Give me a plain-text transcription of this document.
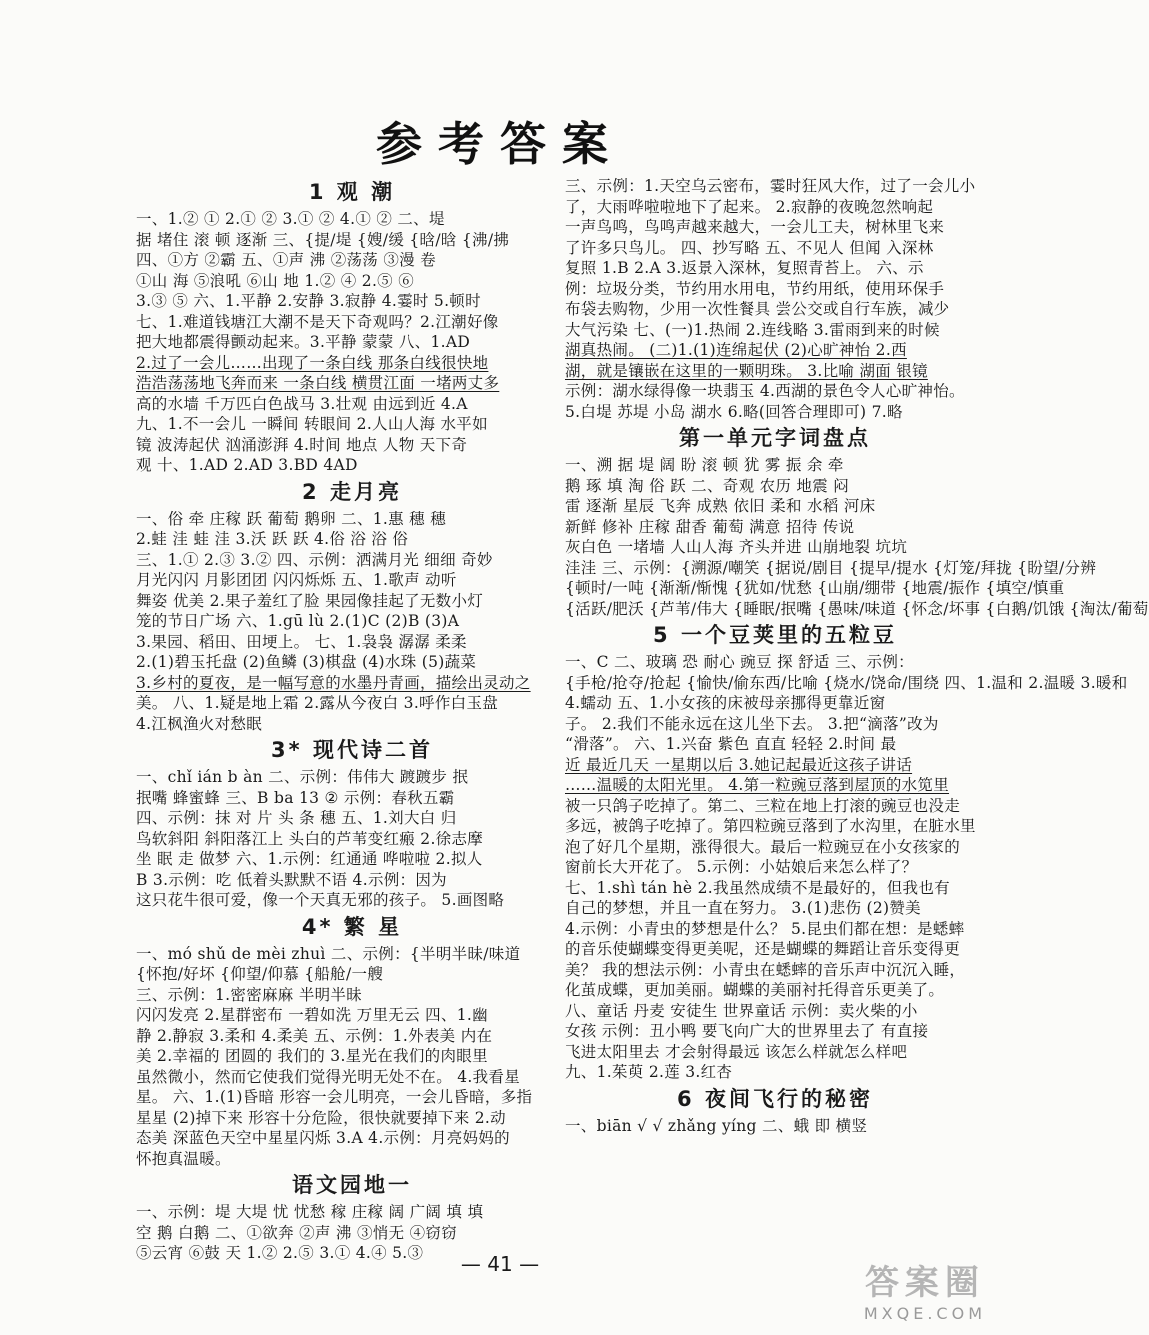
参考答案
1 观 潮
一、1.② ① 2.① ② 3.① ② 4.① ② 二、堤
据 堵住 滚 顿 逐渐 三、{提/堤 {嫂/缓 {晗/晗 {沸/拂
四、①方 ②霸 五、①声 沸 ②荡荡 ③漫 卷
①山 海 ⑤浪吼 ⑥山 地 1.② ④ 2.⑤ ⑥
3.③ ⑤ 六、1.平静 2.安静 3.寂静 4.霎时 5.顿时
七、1.难道钱塘江大潮不是天下奇观吗？2.江潮好像
把大地都震得颤动起来。3.平静 蒙蒙 八、1.AD
2.过了一会儿……出现了一条白线 那条白线很快地
浩浩荡荡地飞奔而来 一条白线 横贯江面 一堵两丈多
高的水墙 千万匹白色战马 3.壮观 由远到近 4.A
九、1.不一会儿 一瞬间 转眼间 2.人山人海 水平如
镜 波涛起伏 汹涌澎湃 4.时间 地点 人物 天下奇
观 十、1.AD 2.AD 3.BD 4AD
2 走月亮
一、俗 牵 庄稼 跃 葡萄 鹅卵 二、1.惠 穗 穗
2.蛙 洼 蛙 洼 3.沃 跃 跃 4.俗 浴 浴 俗
三、1.① 2.③ 3.② 四、示例：洒满月光 细细 奇妙
月光闪闪 月影团团 闪闪烁烁 五、1.歌声 动听
舞姿 优美 2.果子羞红了脸 果园像挂起了无数小灯
笼的节日广场 六、1.gū lù 2.(1)C (2)B (3)A
3.果园、稻田、田埂上。 七、1.袅袅 潺潺 柔柔
2.(1)碧玉托盘 (2)鱼鳞 (3)棋盘 (4)水珠 (5)蔬菜
3.乡村的夏夜，是一幅写意的水墨丹青画，描绘出灵动之
美。 八、1.疑是地上霜 2.露从今夜白 3.呼作白玉盘
4.江枫渔火对愁眠
3* 现代诗二首
一、chǐ ián b àn 二、示例：伟伟大 踱踱步 抿
抿嘴 蜂蜜蜂 三、B ba 13 ② 示例：春秋五霸
四、示例：抹 对 片 头 条 穗 五、1.刘大白 归
鸟软斜阳 斜阳落江上 头白的芦苇变红瘢 2.徐志摩
坐 眠 走 做梦 六、1.示例：红通通 哗啦啦 2.拟人
B 3.示例：吃 低着头默默不语 4.示例：因为
这只花牛很可爱，像一个天真无邪的孩子。 5.画图略
4* 繁 星
一、mó shǔ de mèi zhuì 二、示例：{半明半昧/味道
{怀抱/好坏 {仰望/仰慕 {船舱/一艘
三、示例：1.密密麻麻 半明半昧
闪闪发亮 2.星群密布 一碧如洗 万里无云 四、1.幽
静 2.静寂 3.柔和 4.柔美 五、示例：1.外表美 内在
美 2.幸福的 团圆的 我们的 3.星光在我们的肉眼里
虽然微小，然而它使我们觉得光明无处不在。 4.我看星
星。 六、1.(1)昏暗 形容一会儿明亮，一会儿昏暗，多指
星星 (2)掉下来 形容十分危险，很快就要掉下来 2.动
态美 深蓝色天空中星星闪烁 3.A 4.示例：月亮妈妈的
怀抱真温暖。
语文园地一
一、示例：堤 大堤 忧 忧愁 稼 庄稼 阔 广阔 填 填
空 鹅 白鹅 二、①欲奔 ②声 沸 ③悄无 ④窃窃
⑤云宵 ⑥鼓 天 1.② 2.⑤ 3.① 4.④ 5.③
三、示例：1.天空乌云密布，霎时狂风大作，过了一会儿小
了，大雨哗啦啦地下了起来。 2.寂静的夜晚忽然响起
一声鸟鸣，鸟鸣声越来越大，一会儿工夫，树林里飞来
了许多只鸟儿。 四、抄写略 五、不见人 但闻 入深林
复照 1.B 2.A 3.返景入深林，复照青苔上。 六、示
例：垃圾分类，节约用水用电，节约用纸，使用环保手
布袋去购物，少用一次性餐具 尝公交或自行车族，减少
大气污染 七、(一)1.热闹 2.连线略 3.雷雨到来的时候
湖真热闹。 (二)1.(1)连绵起伏 (2)心旷神怡 2.西
湖，就是镶嵌在这里的一颗明珠。 3.比喻 湖面 银镜
示例：湖水绿得像一块翡玉 4.西湖的景色令人心旷神怡。
5.白堤 苏堤 小岛 湖水 6.略(回答合理即可) 7.略
第一单元字词盘点
一、溯 据 堤 阔 盼 滚 顿 犹 雾 振 余 牵
鹅 琢 填 淘 俗 跃 二、奇观 农历 地震 闷
雷 逐渐 星辰 飞奔 成熟 依旧 柔和 水稻 河床
新鲜 修补 庄稼 甜香 葡萄 满意 招待 传说
灰白色 一堵墙 人山人海 齐头并进 山崩地裂 坑坑
洼洼 三、示例：{溯源/嘲笑 {据说/剧目 {提早/提水 {灯笼/拜拢 {盼望/分辨
{顿时/一吨 {渐渐/惭愧 {犹如/忧愁 {山崩/绷带 {地震/振作 {填空/慎重
{活跃/肥沃 {芦苇/伟大 {睡眠/抿嘴 {愚味/味道 {怀念/坏事 {白鹅/饥饿 {淘汰/葡萄
5 一个豆荚里的五粒豆
一、C 二、玻璃 恐 耐心 豌豆 探 舒适 三、示例：
{手枪/抢夺/抢起 {愉快/偷东西/比喻 {烧水/饶命/围绕 四、1.温和 2.温暖 3.暖和
4.蠕动 五、1.小女孩的床被母亲挪得更靠近窗
子。 2.我们不能永远在这儿坐下去。 3.把“滴落”改为
“滑落”。 六、1.兴奋 紫色 直直 轻轻 2.时间 最
近 最近几天 一星期以后 3.她记起最近这孩子讲话
……温暖的太阳光里。 4.第一粒豌豆落到屋顶的水笕里
被一只鸽子吃掉了。第二、三粒在地上打滚的豌豆也没走
多远，被鸽子吃掉了。第四粒豌豆落到了水沟里，在脏水里
泡了好几个星期，涨得很大。最后一粒豌豆在小女孩家的
窗前长大开花了。 5.示例：小姑娘后来怎么样了？
七、1.shì tán hè 2.我虽然成绩不是最好的，但我也有
自己的梦想，并且一直在努力。 3.(1)悲伤 (2)赞美
4.示例：小青虫的梦想是什么？ 5.昆虫们都在想：是蟋蟀
的音乐使蝴蝶变得更美呢，还是蝴蝶的舞蹈让音乐变得更
美？ 我的想法示例：小青虫在蟋蟀的音乐声中沉沉入睡，
化茧成蝶，更加美丽。蝴蝶的美丽衬托得音乐更美了。
八、童话 丹麦 安徒生 世界童话 示例：卖火柴的小
女孩 示例：丑小鸭 要飞向广大的世界里去了 有直接
飞进太阳里去 才会射得最远 该怎么样就怎么样吧
九、1.茱萸 2.莲 3.红杏
6 夜间飞行的秘密
一、biān √ √ zhǎng yíng 二、蛾 即 横竖
— 41 —	答案圈
MXQE.COM
